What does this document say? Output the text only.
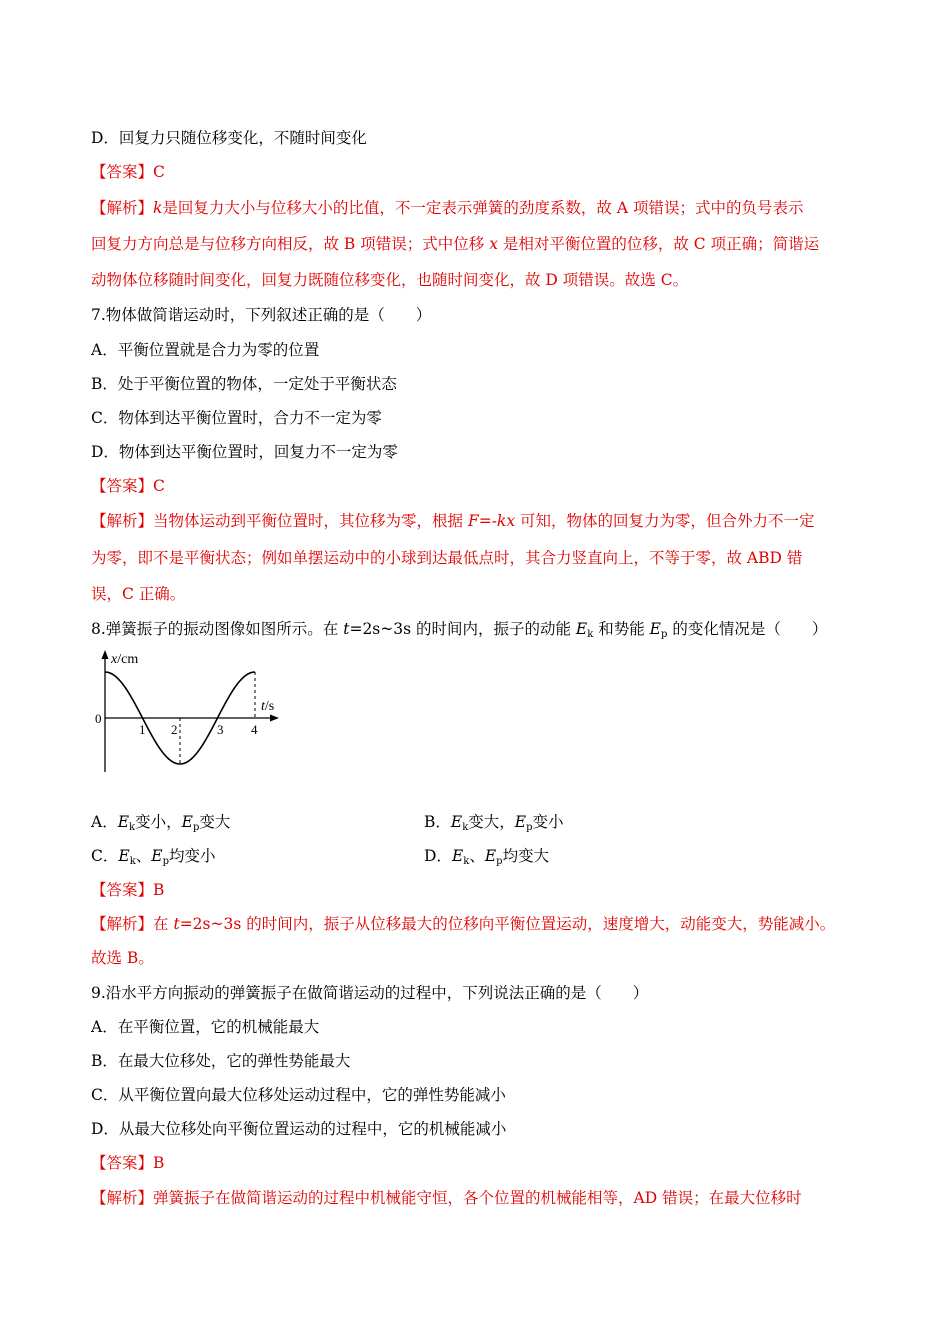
D．回复力只随位移变化，不随时间变化
【答案】C
【解析】k是回复力大小与位移大小的比值，不一定表示弹簧的劲度系数，故 A 项错误；式中的负号表示
回复力方向总是与位移方向相反，故 B 项错误；式中位移 x 是相对平衡位置的位移，故 C 项正确；简谐运
动物体位移随时间变化，回复力既随位移变化，也随时间变化，故 D 项错误。故选 C。
7.物体做简谐运动时，下列叙述正确的是（　　）
A．平衡位置就是合力为零的位置
B．处于平衡位置的物体，一定处于平衡状态
C．物体到达平衡位置时，合力不一定为零
D．物体到达平衡位置时，回复力不一定为零
【答案】C
【解析】当物体运动到平衡位置时，其位移为零，根据 F=-kx 可知，物体的回复力为零，但合外力不一定
为零，即不是平衡状态；例如单摆运动中的小球到达最低点时，其合力竖直向上，不等于零，故 ABD 错
误，C 正确。
8.弹簧振子的振动图像如图所示。在 t=2s~3s 的时间内，振子的动能 $E_k$ 和势能 $E_p$ 的变化情况是（　　）
x/cm
t/s
0
1 2	3 4
A．$E_k$变小，$E_p$变大	B．$E_k$变大，$E_p$变小
C．$E_k$、$E_p$均变小	D．$E_k$、$E_p$均变大
【答案】B
【解析】在 t=2s~3s 的时间内，振子从位移最大的位移向平衡位置运动，速度增大，动能变大，势能减小。
故选 B。
9.沿水平方向振动的弹簧振子在做简谐运动的过程中，下列说法正确的是（　　）
A．在平衡位置，它的机械能最大
B．在最大位移处，它的弹性势能最大
C．从平衡位置向最大位移处运动过程中，它的弹性势能减小
D．从最大位移处向平衡位置运动的过程中，它的机械能减小
【答案】B
【解析】弹簧振子在做简谐运动的过程中机械能守恒，各个位置的机械能相等，AD 错误；在最大位移时
